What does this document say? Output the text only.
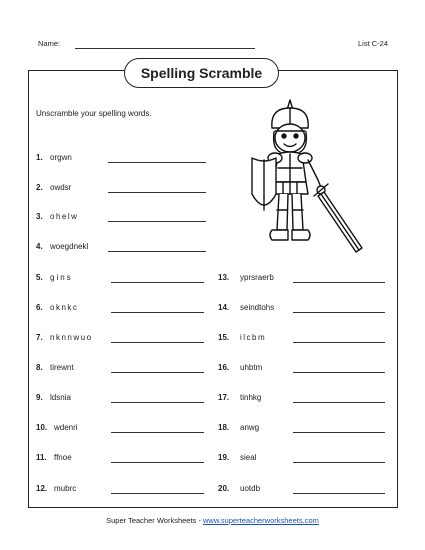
Name:	List C-24
Spelling Scramble
Unscramble your spelling words.
1. orgwn
2. owdsr
3. ohelw
4. woegdnekl
5. gins
6. oknkc
7. nknnwuo
8. tirewnt
9. ldsnia
10. wdenri
11. ffnoe
12. mubrc
13. yprsraerb
14. seindtohs
15. ilcbm
16. uhbtm
17. tinhkg
18. anwg
19. sieal
20. uotdb
Super Teacher Worksheets - www.superteacherworksheets.com
